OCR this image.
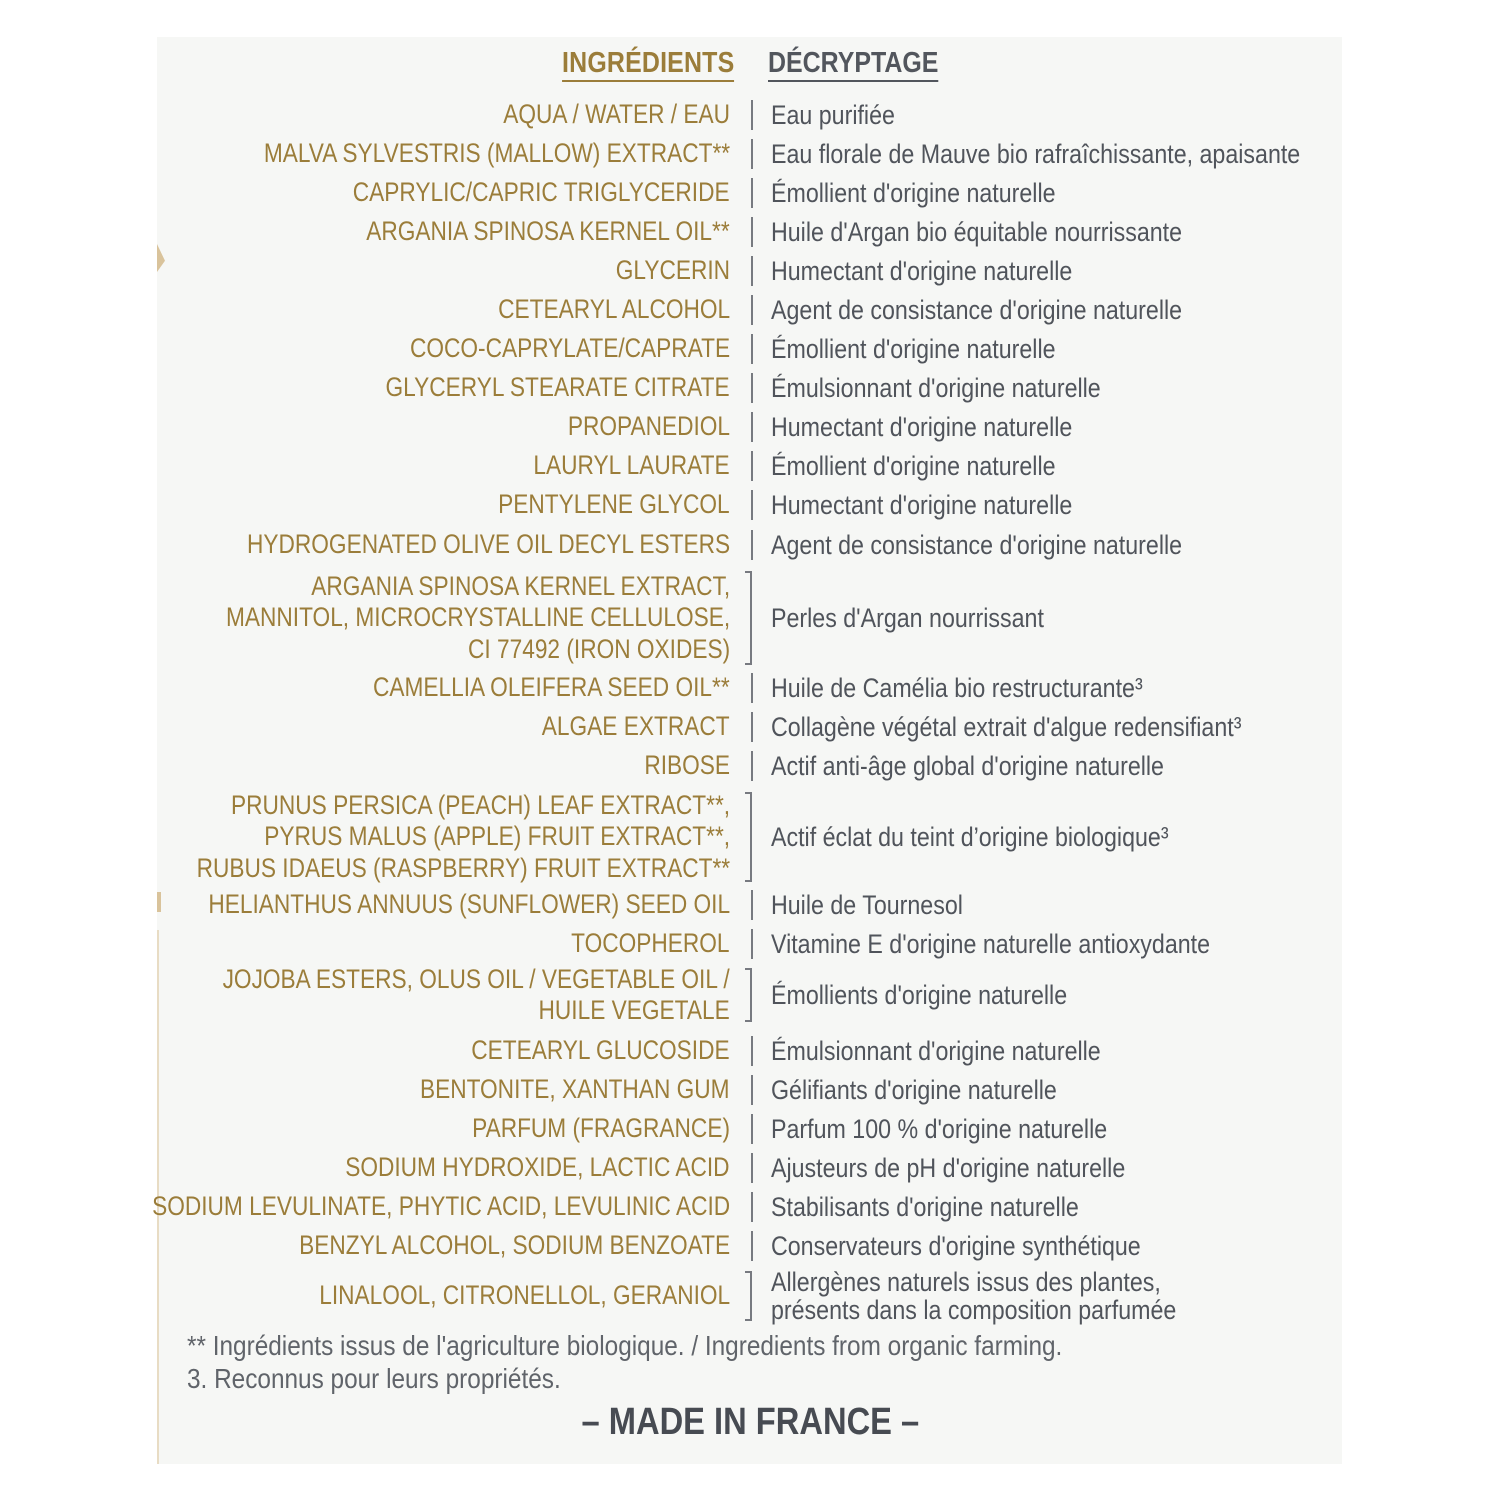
INGRÉDIENTS DÉCRYPTAGE
AQUA / WATER / EAU Eau purifiée
MALVA SYLVESTRIS (MALLOW) EXTRACT** Eau florale de Mauve bio rafraîchissante, apaisante
CAPRYLIC/CAPRIC TRIGLYCERIDE Émollient d'origine naturelle
ARGANIA SPINOSA KERNEL OIL** Huile d'Argan bio équitable nourrissante
GLYCERIN Humectant d'origine naturelle
CETEARYL ALCOHOL Agent de consistance d'origine naturelle
COCO-CAPRYLATE/CAPRATE Émollient d'origine naturelle
GLYCERYL STEARATE CITRATE Émulsionnant d'origine naturelle
PROPANEDIOL Humectant d'origine naturelle
LAURYL LAURATE Émollient d'origine naturelle
PENTYLENE GLYCOL Humectant d'origine naturelle
HYDROGENATED OLIVE OIL DECYL ESTERS Agent de consistance d'origine naturelle
ARGANIA SPINOSA KERNEL EXTRACT,
MANNITOL, MICROCRYSTALLINE CELLULOSE,
CI 77492 (IRON OXIDES)
Perles d'Argan nourrissant
CAMELLIA OLEIFERA SEED OIL** Huile de Camélia bio restructurante³
ALGAE EXTRACT Collagène végétal extrait d'algue redensifiant³
RIBOSE Actif anti-âge global d'origine naturelle
PRUNUS PERSICA (PEACH) LEAF EXTRACT**,
PYRUS MALUS (APPLE) FRUIT EXTRACT**,
RUBUS IDAEUS (RASPBERRY) FRUIT EXTRACT**
Actif éclat du teint d’origine biologique³
HELIANTHUS ANNUUS (SUNFLOWER) SEED OIL Huile de Tournesol
TOCOPHEROL Vitamine E d'origine naturelle antioxydante
JOJOBA ESTERS, OLUS OIL / VEGETABLE OIL /
HUILE VEGETALE Émollients d'origine naturelle
CETEARYL GLUCOSIDE Émulsionnant d'origine naturelle
BENTONITE, XANTHAN GUM Gélifiants d'origine naturelle
PARFUM (FRAGRANCE) Parfum 100 % d'origine naturelle
SODIUM HYDROXIDE, LACTIC ACID Ajusteurs de pH d'origine naturelle
SODIUM LEVULINATE, PHYTIC ACID, LEVULINIC ACID Stabilisants d'origine naturelle
BENZYL ALCOHOL, SODIUM BENZOATE Conservateurs d'origine synthétique
LINALOOL, CITRONELLOL, GERANIOL Allergènes naturels issus des plantes,
présents dans la composition parfumée
** Ingrédients issus de l'agriculture biologique. / Ingredients from organic farming.
3. Reconnus pour leurs propriétés.
– MADE IN FRANCE –
